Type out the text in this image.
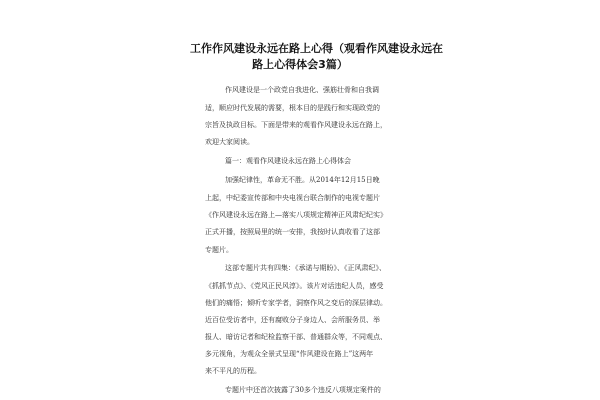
工作作风建设永远在路上心得（观看作风建设永远在
路上心得体会3篇）
作风建设是一个政党自我进化、强筋壮骨和自我调
适，顺应时代发展的需要，根本目的是践行和实现政党的
宗旨及执政目标。下面是带来的观看作风建设永远在路上，
欢迎大家阅读。
篇一：观看作风建设永远在路上心得体会
加强纪律性，革命无不胜。从2014年12月15日晚
上起，中纪委宣传部和中央电视台联合制作的电视专题片
《作风建设永远在路上—落实八项规定精神正风肃纪纪实》
正式开播，按照局里的统一安排，我按时认真收看了这部
专题片。
这部专题片共有四集：《承诺与期盼》、《正风肃纪》、
《抓抓节点》、《党风正民风淳》。该片对话违纪人员，感受
他们的痛悟；倾听专家学者，洞察作风之变后的深层律动。
近百位受访者中，还有腐败分子身边人、会所服务员、举
报人、暗访记者和纪检监察干部、普通群众等，不同观点、
多元视角，为观众全景式呈现“作风建设在路上”这两年
来不平凡的历程。
专题片中还首次披露了30多个违反八项规定案件的
